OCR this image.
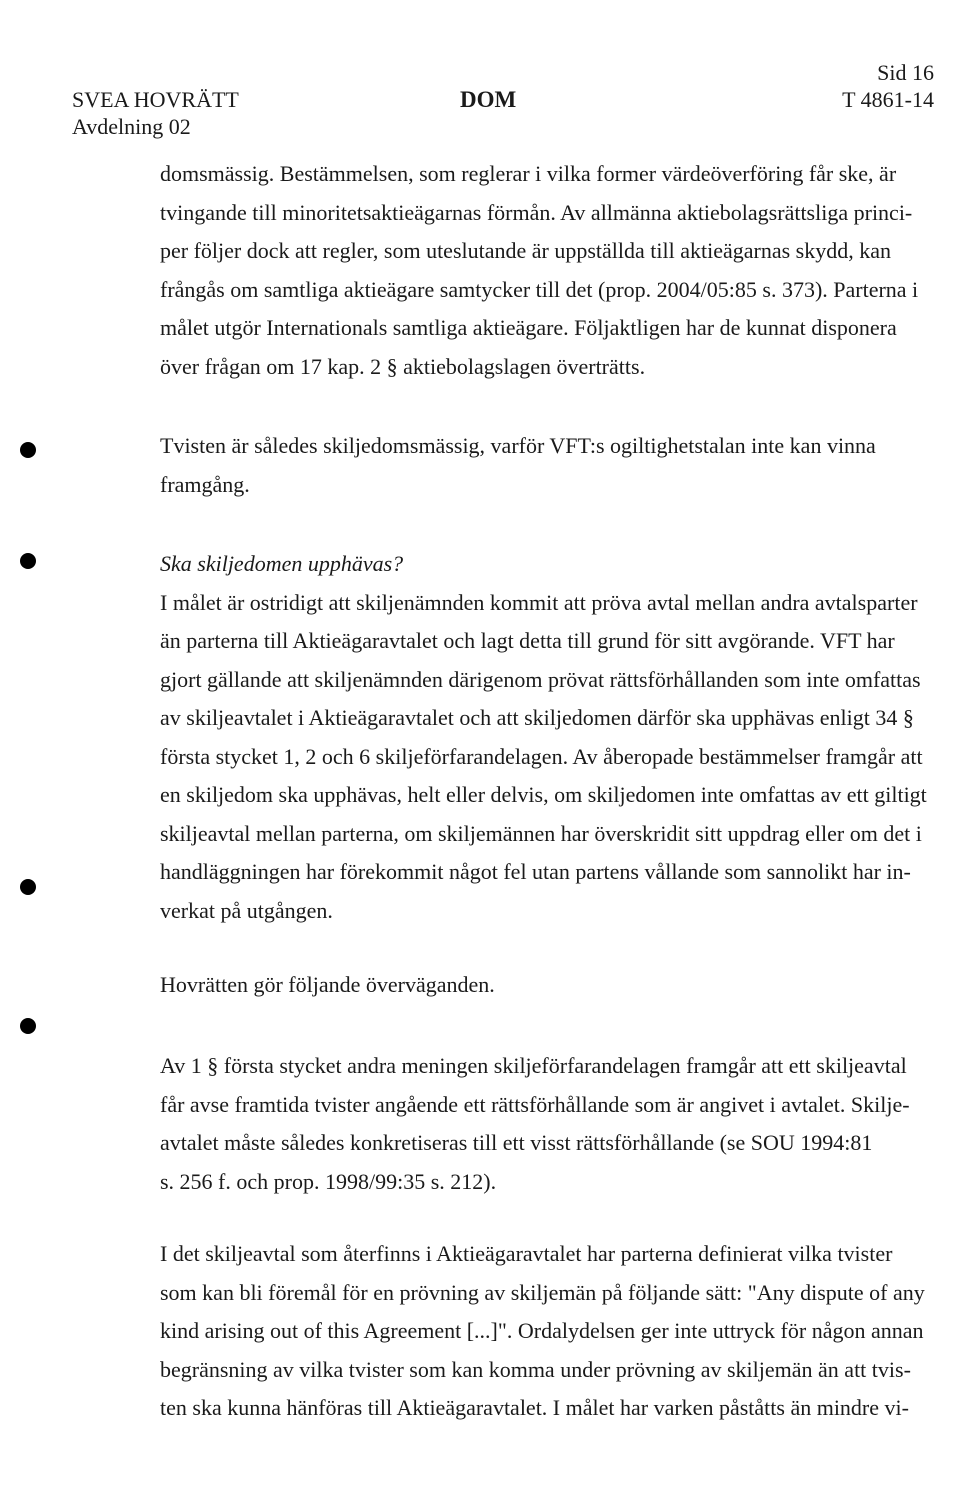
SVEA HOVRÄTT
Avdelning 02
DOM
Sid 16
T 4861-14
domsmässig. Bestämmelsen, som reglerar i vilka former värdeöverföring får ske, är
tvingande till minoritetsaktieägarnas förmån. Av allmänna aktiebolagsrättsliga princi-
per följer dock att regler, som uteslutande är uppställda till aktieägarnas skydd, kan
frångås om samtliga aktieägare samtycker till det (prop. 2004/05:85 s. 373). Parterna i
målet utgör Internationals samtliga aktieägare. Följaktligen har de kunnat disponera
över frågan om 17 kap. 2 § aktiebolagslagen överträtts.
Tvisten är således skiljedomsmässig, varför VFT:s ogiltighetstalan inte kan vinna
framgång.
Ska skiljedomen upphävas?
I målet är ostridigt att skiljenämnden kommit att pröva avtal mellan andra avtalsparter
än parterna till Aktieägaravtalet och lagt detta till grund för sitt avgörande. VFT har
gjort gällande att skiljenämnden därigenom prövat rättsförhållanden som inte omfattas
av skiljeavtalet i Aktieägaravtalet och att skiljedomen därför ska upphävas enligt 34 §
första stycket 1, 2 och 6 skiljeförfarandelagen. Av åberopade bestämmelser framgår att
en skiljedom ska upphävas, helt eller delvis, om skiljedomen inte omfattas av ett giltigt
skiljeavtal mellan parterna, om skiljemännen har överskridit sitt uppdrag eller om det i
handläggningen har förekommit något fel utan partens vållande som sannolikt har in-
verkat på utgången.
Hovrätten gör följande överväganden.
Av 1 § första stycket andra meningen skiljeförfarandelagen framgår att ett skiljeavtal
får avse framtida tvister angående ett rättsförhållande som är angivet i avtalet. Skilje-
avtalet måste således konkretiseras till ett visst rättsförhållande (se SOU 1994:81
s. 256 f. och prop. 1998/99:35 s. 212).
I det skiljeavtal som återfinns i Aktieägaravtalet har parterna definierat vilka tvister
som kan bli föremål för en prövning av skiljemän på följande sätt: "Any dispute of any
kind arising out of this Agreement [...]". Ordalydelsen ger inte uttryck för någon annan
begränsning av vilka tvister som kan komma under prövning av skiljemän än att tvis-
ten ska kunna hänföras till Aktieägaravtalet. I målet har varken påståtts än mindre vi-
